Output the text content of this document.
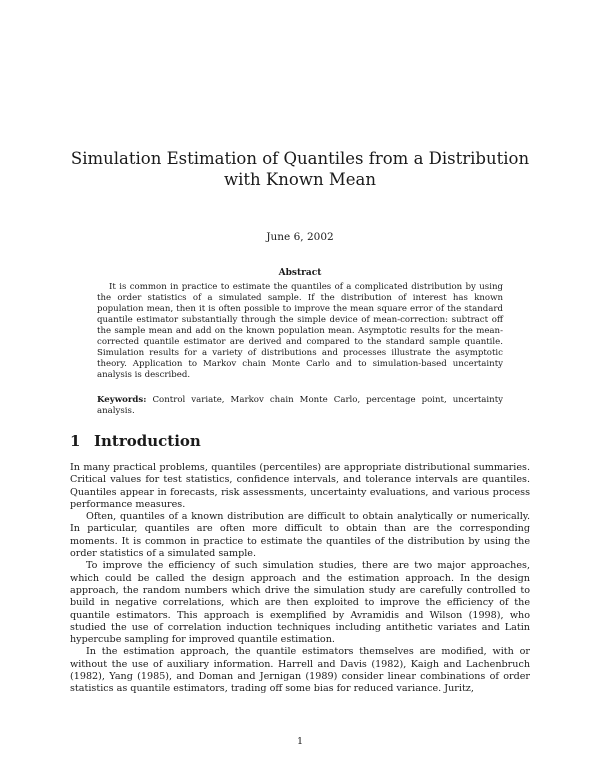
Simulation Estimation of Quantiles from a Distribution with Known Mean

June 6, 2002

Abstract

It is common in practice to estimate the quantiles of a complicated distribution by using the order statistics of a simulated sample. If the distribution of interest has known population mean, then it is often possible to improve the mean square error of the standard quantile estimator substantially through the simple device of mean-correction: subtract off the sample mean and add on the known population mean. Asymptotic results for the mean-corrected quantile estimator are derived and compared to the standard sample quantile. Simulation results for a variety of distributions and processes illustrate the asymptotic theory. Application to Markov chain Monte Carlo and to simulation-based uncertainty analysis is described.

Keywords: Control variate, Markov chain Monte Carlo, percentage point, uncertainty analysis.

1 Introduction

In many practical problems, quantiles (percentiles) are appropriate distributional summaries. Critical values for test statistics, confidence intervals, and tolerance intervals are quantiles. Quantiles appear in forecasts, risk assessments, uncertainty evaluations, and various process performance measures.

Often, quantiles of a known distribution are difficult to obtain analytically or numerically. In particular, quantiles are often more difficult to obtain than are the corresponding moments. It is common in practice to estimate the quantiles of the distribution by using the order statistics of a simulated sample.

To improve the efficiency of such simulation studies, there are two major approaches, which could be called the design approach and the estimation approach. In the design approach, the random numbers which drive the simulation study are carefully controlled to build in negative correlations, which are then exploited to improve the efficiency of the quantile estimators. This approach is exemplified by Avramidis and Wilson (1998), who studied the use of correlation induction techniques including antithetic variates and Latin hypercube sampling for improved quantile estimation.

In the estimation approach, the quantile estimators themselves are modified, with or without the use of auxiliary information. Harrell and Davis (1982), Kaigh and Lachenbruch (1982), Yang (1985), and Doman and Jernigan (1989) consider linear combinations of order statistics as quantile estimators, trading off some bias for reduced variance. Juritz,

1
